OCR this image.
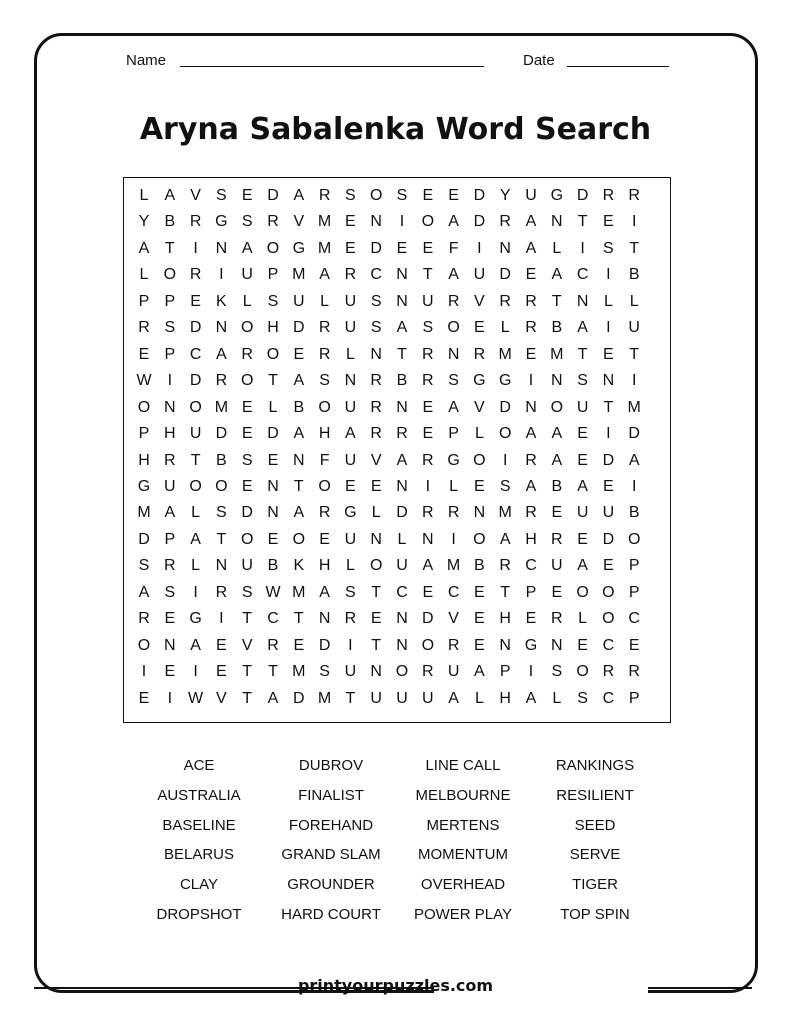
Name	Date
Aryna Sabalenka Word Search
L	A V S E D A R S O S E E D Y U G D R R
Y B R G S R V M E N	I	O A D R A N T E	I
A T	I	N A O G M E D E E F	I	N A	L	I	S T
L O R	I	U P M A R C N T A U D E A C	I	B
P P E K	L	S U L U S N U R V R R T N L	L
R S D N O H D R U S A S O E	L R B A	I	U
E P C A R O E R L N T R N R M E M T E T
W	I	D R O T A S N R B R S G G	I	N S N	I
O N O M E	L	B O U R N E A V D N O U T M
P H U D E D A H A R R E P	L O A A E	I	D
H R T B S E N F U V A R G O	I	R A E D A
G U O O E N T O E E N	I	L	E S A B A E	I
M A	L	S D N A R G L D R R N M R E U U B
D P A T O E O E U N L N	I	O A H R E D O
S R L N U B K H L O U A M B R C U A E P
A S	I	R S W M A S T C E C E T P E O O P
R E G	I	T C T N R E N D V E H E R L O C
O N A E V R E D	I	T N O R E N G N E C E
I	E	I	E T	T M S U N O R U A P	I	S O R R
E	I	W V T A D M T U U U A	L H A	L	S C P
ACE	DUBROV	LINE CALL	RANKINGS
AUSTRALIA	FINALIST	MELBOURNE	RESILIENT
BASELINE	FOREHAND	MERTENS	SEED
BELARUS	GRAND SLAM	MOMENTUM	SERVE
CLAY	GROUNDER	OVERHEAD	TIGER
DROPSHOT	HARD COURT	POWER PLAY	TOP SPIN
printyourpuzzles.com
